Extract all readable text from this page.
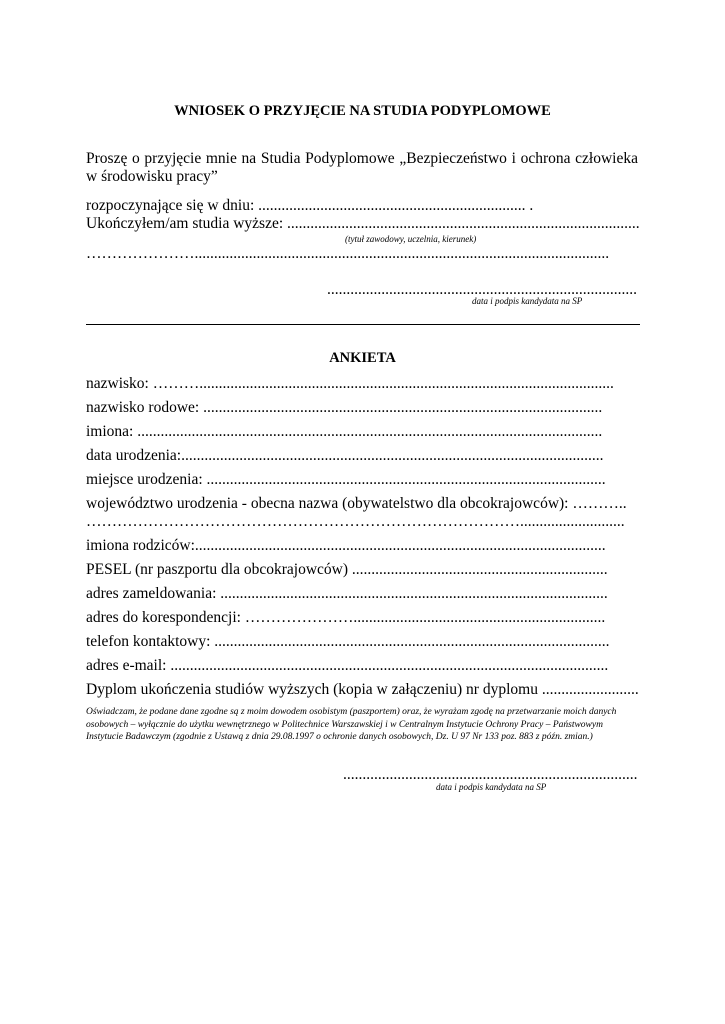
WNIOSEK O PRZYJĘCIE NA STUDIA PODYPLOMOWE
Proszę o przyjęcie mnie na Studia Podyplomowe „Bezpieczeństwo i ochrona człowieka w środowisku pracy”
rozpoczynające się w dniu: ..................................................................... .
Ukończyłem/am studia wyższe: ...........................................................................................
(tytuł zawodowy, uczelnia, kierunek)
…………………...........................................................................................................
................................................................................
data i podpis kandydata na SP
ANKIETA
nazwisko: ………...........................................................................................................
nazwisko rodowe: .......................................................................................................
imiona: ........................................................................................................................
data urodzenia:.............................................................................................................
miejsce urodzenia: .......................................................................................................
województwo urodzenia - obecna nazwa (obywatelstwo dla obcokrajowców): ………..
…………………………………………………………………………...........................
imiona rodziców:..........................................................................................................
PESEL (nr paszportu dla obcokrajowców) ..................................................................
adres zameldowania: ....................................................................................................
adres do korespondencji: ………………….................................................................
telefon kontaktowy: ......................................................................................................
adres e-mail: .................................................................................................................
Dyplom ukończenia studiów wyższych (kopia w załączeniu) nr dyplomu .........................
Oświadczam, że podane dane zgodne są z moim dowodem osobistym (paszportem) oraz, że wyrażam zgodę na przetwarzanie moich danych osobowych – wyłącznie do użytku wewnętrznego w Politechnice Warszawskiej i w Centralnym Instytucie Ochrony Pracy – Państwowym Instytucie Badawczym (zgodnie z Ustawą z dnia 29.08.1997 o ochronie danych osobowych, Dz. U 97 Nr 133 poz. 883 z późn. zmian.)
............................................................................
data i podpis kandydata na SP
